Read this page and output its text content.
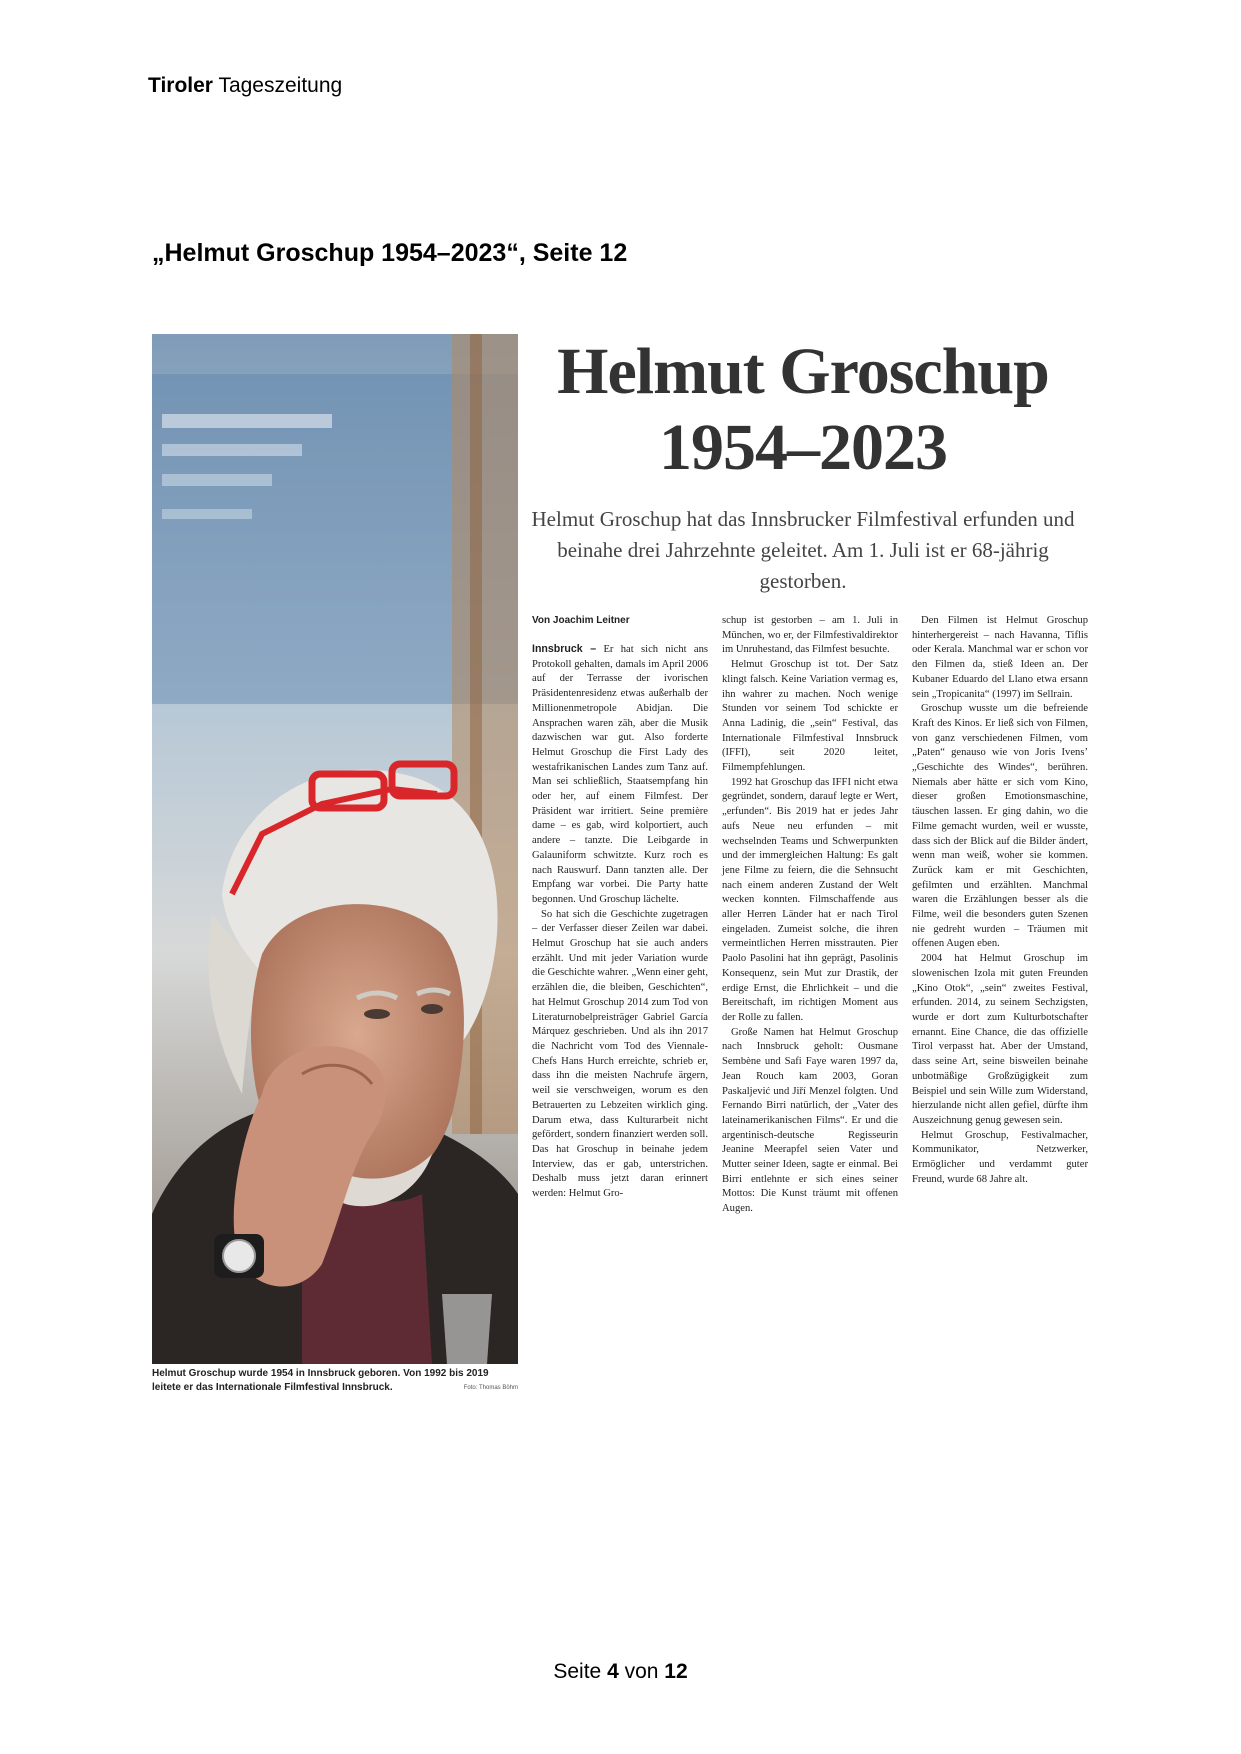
Tiroler Tageszeitung
„Helmut Groschup 1954–2023“, Seite 12
Helmut Groschup wurde 1954 in Innsbruck geboren. Von 1992 bis 2019 leitete er das Internationale Filmfestival Innsbruck.	Foto: Thomas Böhm
Helmut Groschup
1954–2023
Helmut Groschup hat das Innsbrucker Filmfestival erfunden und beinahe drei Jahrzehnte geleitet. Am 1. Juli ist er 68-jährig gestorben.
Von Joachim Leitner

Innsbruck – Er hat sich nicht ans Protokoll gehalten, damals im April 2006 auf der Terrasse der ivorischen Präsidentenresidenz etwas außerhalb der Millionenmetropole Abidjan. Die Ansprachen waren zäh, aber die Musik dazwischen war gut. Also forderte Helmut Groschup die First Lady des westafrikanischen Landes zum Tanz auf. Man sei schließlich, Staatsempfang hin oder her, auf einem Filmfest. Der Präsident war irritiert. Seine première dame – es gab, wird kolportiert, auch andere – tanzte. Die Leibgarde in Galauniform schwitzte. Kurz roch es nach Rauswurf. Dann tanzten alle. Der Empfang war vorbei. Die Party hatte begonnen. Und Groschup lächelte.

So hat sich die Geschichte zugetragen – der Verfasser dieser Zeilen war dabei. Helmut Groschup hat sie auch anders erzählt. Und mit jeder Variation wurde die Geschichte wahrer. „Wenn einer geht, erzählen die, die bleiben, Geschichten“, hat Helmut Groschup 2014 zum Tod von Literaturnobelpreisträger Gabriel García Márquez geschrieben. Und als ihn 2017 die Nachricht vom Tod des Viennale-Chefs Hans Hurch erreichte, schrieb er, dass ihn die meisten Nachrufe ärgern, weil sie verschweigen, worum es den Betrauerten zu Lebzeiten wirklich ging. Darum etwa, dass Kulturarbeit nicht gefördert, sondern finanziert werden soll. Das hat Groschup in beinahe jedem Interview, das er gab, unterstrichen. Deshalb muss jetzt daran erinnert werden: Helmut Gro-

schup ist gestorben – am 1. Juli in München, wo er, der Filmfestivaldirektor im Unruhestand, das Filmfest besuchte.

Helmut Groschup ist tot. Der Satz klingt falsch. Keine Variation vermag es, ihn wahrer zu machen. Noch wenige Stunden vor seinem Tod schickte er Anna Ladinig, die „sein“ Festival, das Internationale Filmfestival Innsbruck (IFFI), seit 2020 leitet, Filmempfehlungen.

1992 hat Groschup das IFFI nicht etwa gegründet, sondern, darauf legte er Wert, „erfunden“. Bis 2019 hat er jedes Jahr aufs Neue neu erfunden – mit wechselnden Teams und Schwerpunkten und der immergleichen Haltung: Es galt jene Filme zu feiern, die die Sehnsucht nach einem anderen Zustand der Welt wecken konnten. Filmschaffende aus aller Herren Länder hat er nach Tirol eingeladen. Zumeist solche, die ihren vermeintlichen Herren misstrauten. Pier Paolo Pasolini hat ihn geprägt, Pasolinis Konsequenz, sein Mut zur Drastik, der erdige Ernst, die Ehrlichkeit – und die Bereitschaft, im richtigen Moment aus der Rolle zu fallen.

Große Namen hat Helmut Groschup nach Innsbruck geholt: Ousmane Sembène und Safi Faye waren 1997 da, Jean Rouch kam 2003, Goran Paskaljević und Jiří Menzel folgten. Und Fernando Birri natürlich, der „Vater des lateinamerikanischen Films“. Er und die argentinisch-deutsche Regisseurin Jeanine Meerapfel seien Vater und Mutter seiner Ideen, sagte er einmal. Bei Birri entlehnte er sich eines seiner Mottos: Die Kunst träumt mit offenen Augen.

Den Filmen ist Helmut Groschup hinterhergereist – nach Havanna, Tiflis oder Kerala. Manchmal war er schon vor den Filmen da, stieß Ideen an. Der Kubaner Eduardo del Llano etwa ersann sein „Tropicanita“ (1997) im Sellrain.

Groschup wusste um die befreiende Kraft des Kinos. Er ließ sich von Filmen, von ganz verschiedenen Filmen, vom „Paten“ genauso wie von Joris Ivens’ „Geschichte des Windes“, berühren. Niemals aber hätte er sich vom Kino, dieser großen Emotionsmaschine, täuschen lassen. Er ging dahin, wo die Filme gemacht wurden, weil er wusste, dass sich der Blick auf die Bilder ändert, wenn man weiß, woher sie kommen. Zurück kam er mit Geschichten, gefilmten und erzählten. Manchmal waren die Erzählungen besser als die Filme, weil die besonders guten Szenen nie gedreht wurden – Träumen mit offenen Augen eben.

2004 hat Helmut Groschup im slowenischen Izola mit guten Freunden „Kino Otok“, „sein“ zweites Festival, erfunden. 2014, zu seinem Sechzigsten, wurde er dort zum Kulturbotschafter ernannt. Eine Chance, die das offizielle Tirol verpasst hat. Aber der Umstand, dass seine Art, seine bisweilen beinahe unbotmäßige Großzügigkeit zum Beispiel und sein Wille zum Widerstand, hierzulande nicht allen gefiel, dürfte ihm Auszeichnung genug gewesen sein.

Helmut Groschup, Festivalmacher, Kommunikator, Netzwerker, Ermöglicher und verdammt guter Freund, wurde 68 Jahre alt.

Seite 4 von 12
